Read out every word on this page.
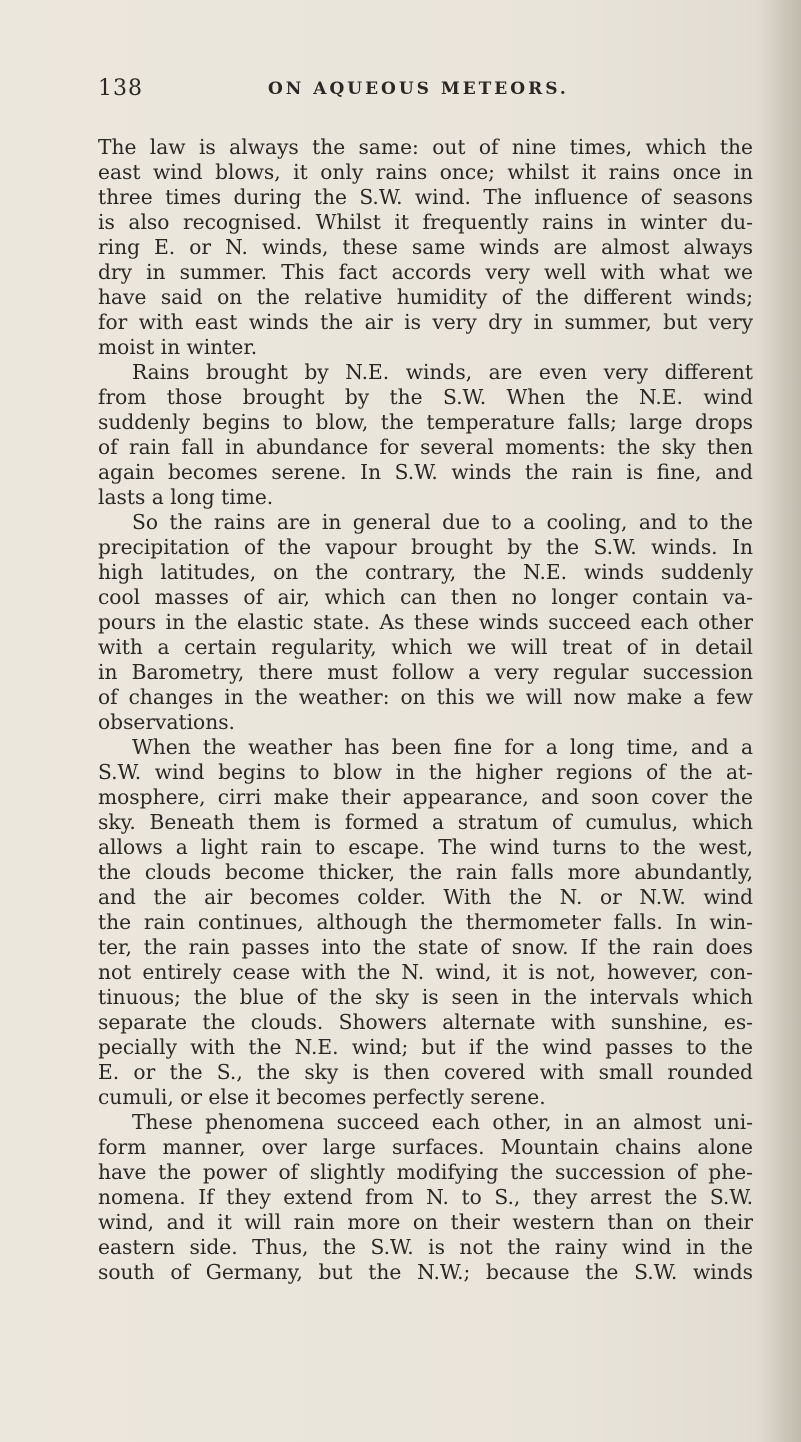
138	ON AQUEOUS METEORS.
The law is always the same: out of nine times, which the
east wind blows, it only rains once; whilst it rains once in
three times during the S.W. wind. The influence of seasons
is also recognised. Whilst it frequently rains in winter du-
ring E. or N. winds, these same winds are almost always
dry in summer. This fact accords very well with what we
have said on the relative humidity of the different winds;
for with east winds the air is very dry in summer, but very
moist in winter.
Rains brought by N.E. winds, are even very different
from those brought by the S.W. When the N.E. wind
suddenly begins to blow, the temperature falls; large drops
of rain fall in abundance for several moments: the sky then
again becomes serene. In S.W. winds the rain is fine, and
lasts a long time.
So the rains are in general due to a cooling, and to the
precipitation of the vapour brought by the S.W. winds. In
high latitudes, on the contrary, the N.E. winds suddenly
cool masses of air, which can then no longer contain va-
pours in the elastic state. As these winds succeed each other
with a certain regularity, which we will treat of in detail
in Barometry, there must follow a very regular succession
of changes in the weather: on this we will now make a few
observations.
When the weather has been fine for a long time, and a
S.W. wind begins to blow in the higher regions of the at-
mosphere, cirri make their appearance, and soon cover the
sky. Beneath them is formed a stratum of cumulus, which
allows a light rain to escape. The wind turns to the west,
the clouds become thicker, the rain falls more abundantly,
and the air becomes colder. With the N. or N.W. wind
the rain continues, although the thermometer falls. In win-
ter, the rain passes into the state of snow. If the rain does
not entirely cease with the N. wind, it is not, however, con-
tinuous; the blue of the sky is seen in the intervals which
separate the clouds. Showers alternate with sunshine, es-
pecially with the N.E. wind; but if the wind passes to the
E. or the S., the sky is then covered with small rounded
cumuli, or else it becomes perfectly serene.
These phenomena succeed each other, in an almost uni-
form manner, over large surfaces. Mountain chains alone
have the power of slightly modifying the succession of phe-
nomena. If they extend from N. to S., they arrest the S.W.
wind, and it will rain more on their western than on their
eastern side. Thus, the S.W. is not the rainy wind in the
south of Germany, but the N.W.; because the S.W. winds
